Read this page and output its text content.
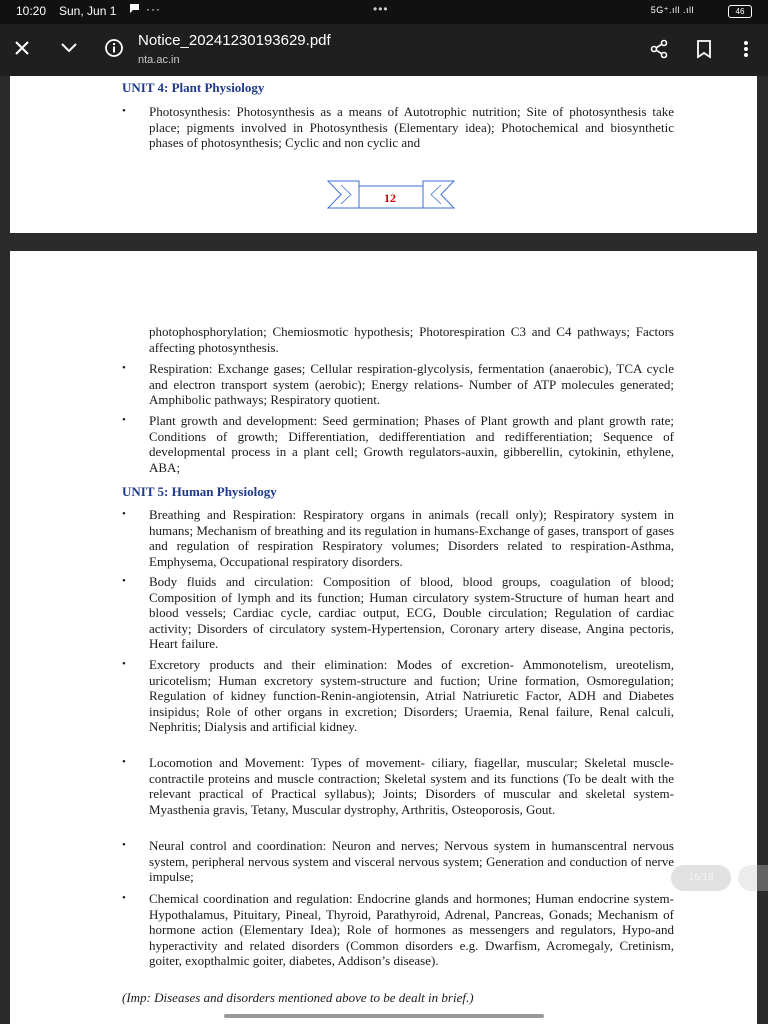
10:20 Sun, Jun 1 ···	•••	5G⁺.ıll .ıll	46
Notice_20241230193629.pdf
nta.ac.in
UNIT 4: Plant Physiology
• Photosynthesis: Photosynthesis as a means of Autotrophic nutrition; Site of photosynthesis take place; pigments involved in Photosynthesis (Elementary idea); Photochemical and biosynthetic phases of photosynthesis; Cyclic and non cyclic and
12
photophosphorylation; Chemiosmotic hypothesis; Photorespiration C3 and C4 pathways; Factors affecting photosynthesis.
• Respiration: Exchange gases; Cellular respiration-glycolysis, fermentation (anaerobic), TCA cycle and electron transport system (aerobic); Energy relations- Number of ATP molecules generated; Amphibolic pathways; Respiratory quotient.
• Plant growth and development: Seed germination; Phases of Plant growth and plant growth rate; Conditions of growth; Differentiation, dedifferentiation and redifferentiation; Sequence of developmental process in a plant cell; Growth regulators-auxin, gibberellin, cytokinin, ethylene, ABA;
UNIT 5: Human Physiology
• Breathing and Respiration: Respiratory organs in animals (recall only); Respiratory system in humans; Mechanism of breathing and its regulation in humans-Exchange of gases, transport of gases and regulation of respiration Respiratory volumes; Disorders related to respiration-Asthma, Emphysema, Occupational respiratory disorders.
• Body fluids and circulation: Composition of blood, blood groups, coagulation of blood; Composition of lymph and its function; Human circulatory system-Structure of human heart and blood vessels; Cardiac cycle, cardiac output, ECG, Double circulation; Regulation of cardiac activity; Disorders of circulatory system-Hypertension, Coronary artery disease, Angina pectoris, Heart failure.
• Excretory products and their elimination: Modes of excretion- Ammonotelism, ureotelism, uricotelism; Human excretory system-structure and fuction; Urine formation, Osmoregulation; Regulation of kidney function-Renin-angiotensin, Atrial Natriuretic Factor, ADH and Diabetes insipidus; Role of other organs in excretion; Disorders; Uraemia, Renal failure, Renal calculi, Nephritis; Dialysis and artificial kidney.
• Locomotion and Movement: Types of movement- ciliary, fiagellar, muscular; Skeletal muscle- contractile proteins and muscle contraction; Skeletal system and its functions (To be dealt with the relevant practical of Practical syllabus); Joints; Disorders of muscular and skeletal system-Myasthenia gravis, Tetany, Muscular dystrophy, Arthritis, Osteoporosis, Gout.
• Neural control and coordination: Neuron and nerves; Nervous system in humanscentral nervous system, peripheral nervous system and visceral nervous system; Generation and conduction of nerve impulse;
• Chemical coordination and regulation: Endocrine glands and hormones; Human endocrine system-Hypothalamus, Pituitary, Pineal, Thyroid, Parathyroid, Adrenal, Pancreas, Gonads; Mechanism of hormone action (Elementary Idea); Role of hormones as messengers and regulators, Hypo-and hyperactivity and related disorders (Common disorders e.g. Dwarfism, Acromegaly, Cretinism, goiter, exopthalmic goiter, diabetes, Addison’s disease).
(Imp: Diseases and disorders mentioned above to be dealt in brief.)
16/18
